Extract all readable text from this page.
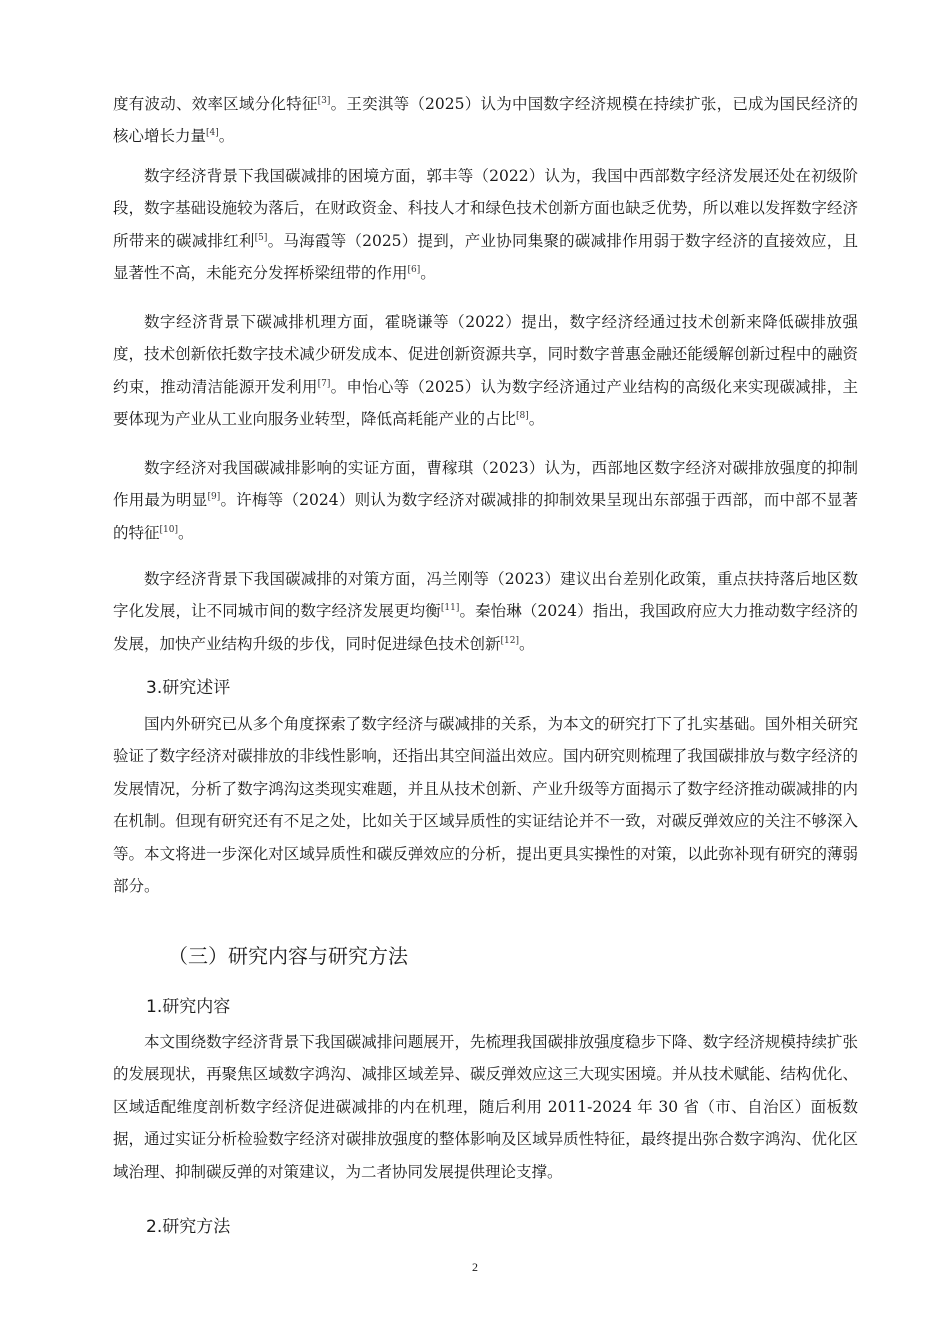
度有波动、效率区域分化特征[3]。王奕淇等（2025）认为中国数字经济规模在持续扩张，已成为国民经济的核心增长力量[4]。

数字经济背景下我国碳减排的困境方面，郭丰等（2022）认为，我国中西部数字经济发展还处在初级阶段，数字基础设施较为落后，在财政资金、科技人才和绿色技术创新方面也缺乏优势，所以难以发挥数字经济所带来的碳减排红利[5]。马海霞等（2025）提到，产业协同集聚的碳减排作用弱于数字经济的直接效应，且显著性不高，未能充分发挥桥梁纽带的作用[6]。

数字经济背景下碳减排机理方面，霍晓谦等（2022）提出，数字经济经通过技术创新来降低碳排放强度，技术创新依托数字技术减少研发成本、促进创新资源共享，同时数字普惠金融还能缓解创新过程中的融资约束，推动清洁能源开发利用[7]。申怡心等（2025）认为数字经济通过产业结构的高级化来实现碳减排，主要体现为产业从工业向服务业转型，降低高耗能产业的占比[8]。

数字经济对我国碳减排影响的实证方面，曹稼琪（2023）认为，西部地区数字经济对碳排放强度的抑制作用最为明显[9]。许梅等（2024）则认为数字经济对碳减排的抑制效果呈现出东部强于西部，而中部不显著的特征[10]。

数字经济背景下我国碳减排的对策方面，冯兰刚等（2023）建议出台差别化政策，重点扶持落后地区数字化发展，让不同城市间的数字经济发展更均衡[11]。秦怡琳（2024）指出，我国政府应大力推动数字经济的发展，加快产业结构升级的步伐，同时促进绿色技术创新[12]。

3.研究述评

国内外研究已从多个角度探索了数字经济与碳减排的关系，为本文的研究打下了扎实基础。国外相关研究验证了数字经济对碳排放的非线性影响，还指出其空间溢出效应。国内研究则梳理了我国碳排放与数字经济的发展情况，分析了数字鸿沟这类现实难题，并且从技术创新、产业升级等方面揭示了数字经济推动碳减排的内在机制。但现有研究还有不足之处，比如关于区域异质性的实证结论并不一致，对碳反弹效应的关注不够深入等。本文将进一步深化对区域异质性和碳反弹效应的分析，提出更具实操性的对策，以此弥补现有研究的薄弱部分。

（三）研究内容与研究方法
1.研究内容

本文围绕数字经济背景下我国碳减排问题展开，先梳理我国碳排放强度稳步下降、数字经济规模持续扩张的发展现状，再聚焦区域数字鸿沟、减排区域差异、碳反弹效应这三大现实困境。并从技术赋能、结构优化、区域适配维度剖析数字经济促进碳减排的内在机理，随后利用 2011-2024 年 30 省（市、自治区）面板数据，通过实证分析检验数字经济对碳排放强度的整体影响及区域异质性特征，最终提出弥合数字鸿沟、优化区域治理、抑制碳反弹的对策建议，为二者协同发展提供理论支撑。

2.研究方法
2
